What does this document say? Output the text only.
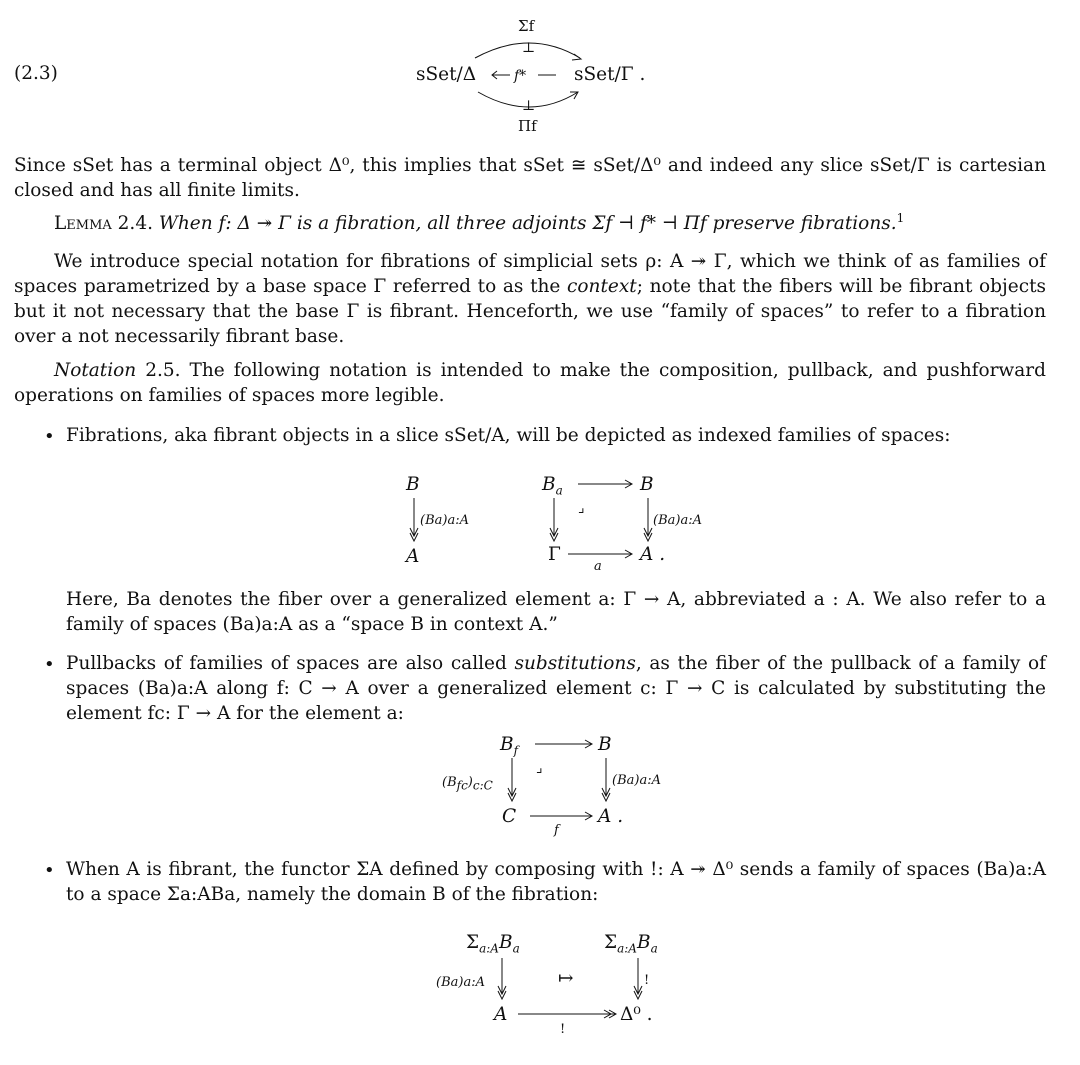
(2.3)
Σf
⊥
sSet/Δ	f*	sSet/Γ .
⊥
Πf
Since sSet has a terminal object Δ⁰, this implies that sSet ≅ sSet/Δ⁰ and indeed any slice sSet/Γ is cartesian closed and has all finite limits.
Lemma 2.4. When f: Δ ↠ Γ is a fibration, all three adjoints Σf ⊣ f* ⊣ Πf preserve fibrations.$^1$
We introduce special notation for fibrations of simplicial sets ρ: A ↠ Γ, which we think of as families of spaces parametrized by a base space Γ referred to as the context; note that the fibers will be fibrant objects but it not necessary that the base Γ is fibrant. Henceforth, we use “family of spaces” to refer to a fibration over a not necessarily fibrant base.
Notation 2.5. The following notation is intended to make the composition, pullback, and pushforward operations on families of spaces more legible.
• Fibrations, aka fibrant objects in a slice sSet/A, will be depicted as indexed families of spaces:
B
(Ba)a:A
A
$B_a$	B
⌟
(Ba)a:A
Γ
a
A .
Here, Ba denotes the fiber over a generalized element a: Γ → A, abbreviated a : A. We also refer to a family of spaces (Ba)a:A as a “space B in context A.”
• Pullbacks of families of spaces are also called substitutions, as the fiber of the pullback of a family of spaces (Ba)a:A along f: C → A over a generalized element c: Γ → C is calculated by substituting the element fc: Γ → A for the element a:
$B_f$	B
⌟
(Bfc)c:C	(Ba)a:A
C
f
A .
• When A is fibrant, the functor ΣA defined by composing with !: A ↠ Δ⁰ sends a family of spaces (Ba)a:A to a space Σa:ABa, namely the domain B of the fibration:
$\Sigma_{a:A}B_a$	$\Sigma_{a:A}B_a$
(Ba)a:A	↦	!
A
!
Δ⁰ .
